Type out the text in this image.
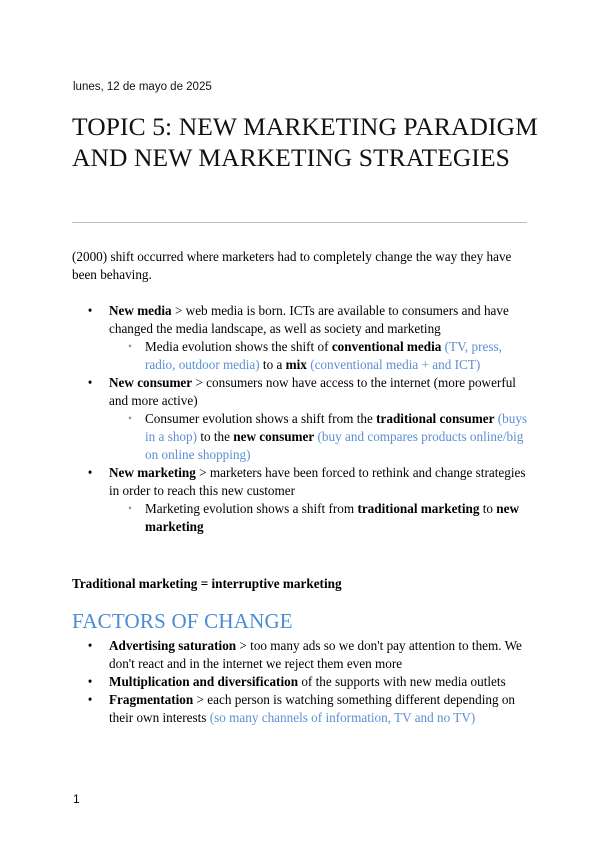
lunes, 12 de mayo de 2025
TOPIC 5: NEW MARKETING PARADIGM AND NEW MARKETING STRATEGIES
(2000) shift occurred where marketers had to completely change the way they have been behaving.
• New media > web media is born. ICTs are available to consumers and have changed the media landscape, as well as society and marketing
◦ Media evolution shows the shift of conventional media (TV, press, radio, outdoor media) to a mix (conventional media + and ICT)
• New consumer > consumers now have access to the internet (more powerful and more active)
◦ Consumer evolution shows a shift from the traditional consumer (buys in a shop) to the new consumer (buy and compares products online/big on online shopping)
• New marketing > marketers have been forced to rethink and change strategies in order to reach this new customer
◦ Marketing evolution shows a shift from traditional marketing to new marketing
Traditional marketing = interruptive marketing
FACTORS OF CHANGE
• Advertising saturation > too many ads so we don't pay attention to them. We don't react and in the internet we reject them even more
• Multiplication and diversification of the supports with new media outlets
• Fragmentation > each person is watching something different depending on their own interests (so many channels of information, TV and no TV)
1
